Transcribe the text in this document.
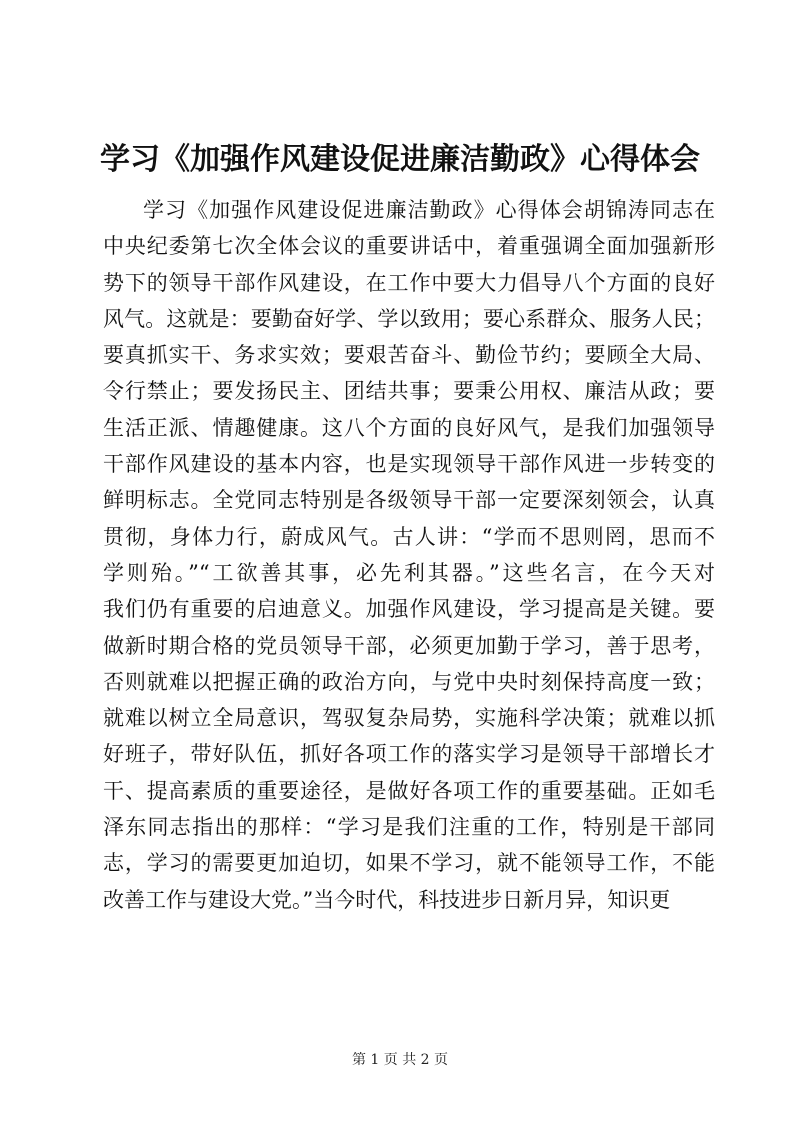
学习《加强作风建设促进廉洁勤政》心得体会
学习《加强作风建设促进廉洁勤政》心得体会胡锦涛同志在
中央纪委第七次全体会议的重要讲话中，着重强调全面加强新形
势下的领导干部作风建设，在工作中要大力倡导八个方面的良好
风气。这就是：要勤奋好学、学以致用；要心系群众、服务人民；
要真抓实干、务求实效；要艰苦奋斗、勤俭节约；要顾全大局、
令行禁止；要发扬民主、团结共事；要秉公用权、廉洁从政；要
生活正派、情趣健康。这八个方面的良好风气，是我们加强领导
干部作风建设的基本内容，也是实现领导干部作风进一步转变的
鲜明标志。全党同志特别是各级领导干部一定要深刻领会，认真
贯彻，身体力行，蔚成风气。古人讲：“学而不思则罔，思而不
学则殆。”“工欲善其事，必先利其器。”这些名言，在今天对
我们仍有重要的启迪意义。加强作风建设，学习提高是关键。要
做新时期合格的党员领导干部，必须更加勤于学习，善于思考，
否则就难以把握正确的政治方向，与党中央时刻保持高度一致；
就难以树立全局意识，驾驭复杂局势，实施科学决策；就难以抓
好班子，带好队伍，抓好各项工作的落实学习是领导干部增长才
干、提高素质的重要途径，是做好各项工作的重要基础。正如毛
泽东同志指出的那样：“学习是我们注重的工作，特别是干部同
志，学习的需要更加迫切，如果不学习，就不能领导工作，不能
改善工作与建设大党。”当今时代，科技进步日新月异，知识更
第 1 页 共 2 页
